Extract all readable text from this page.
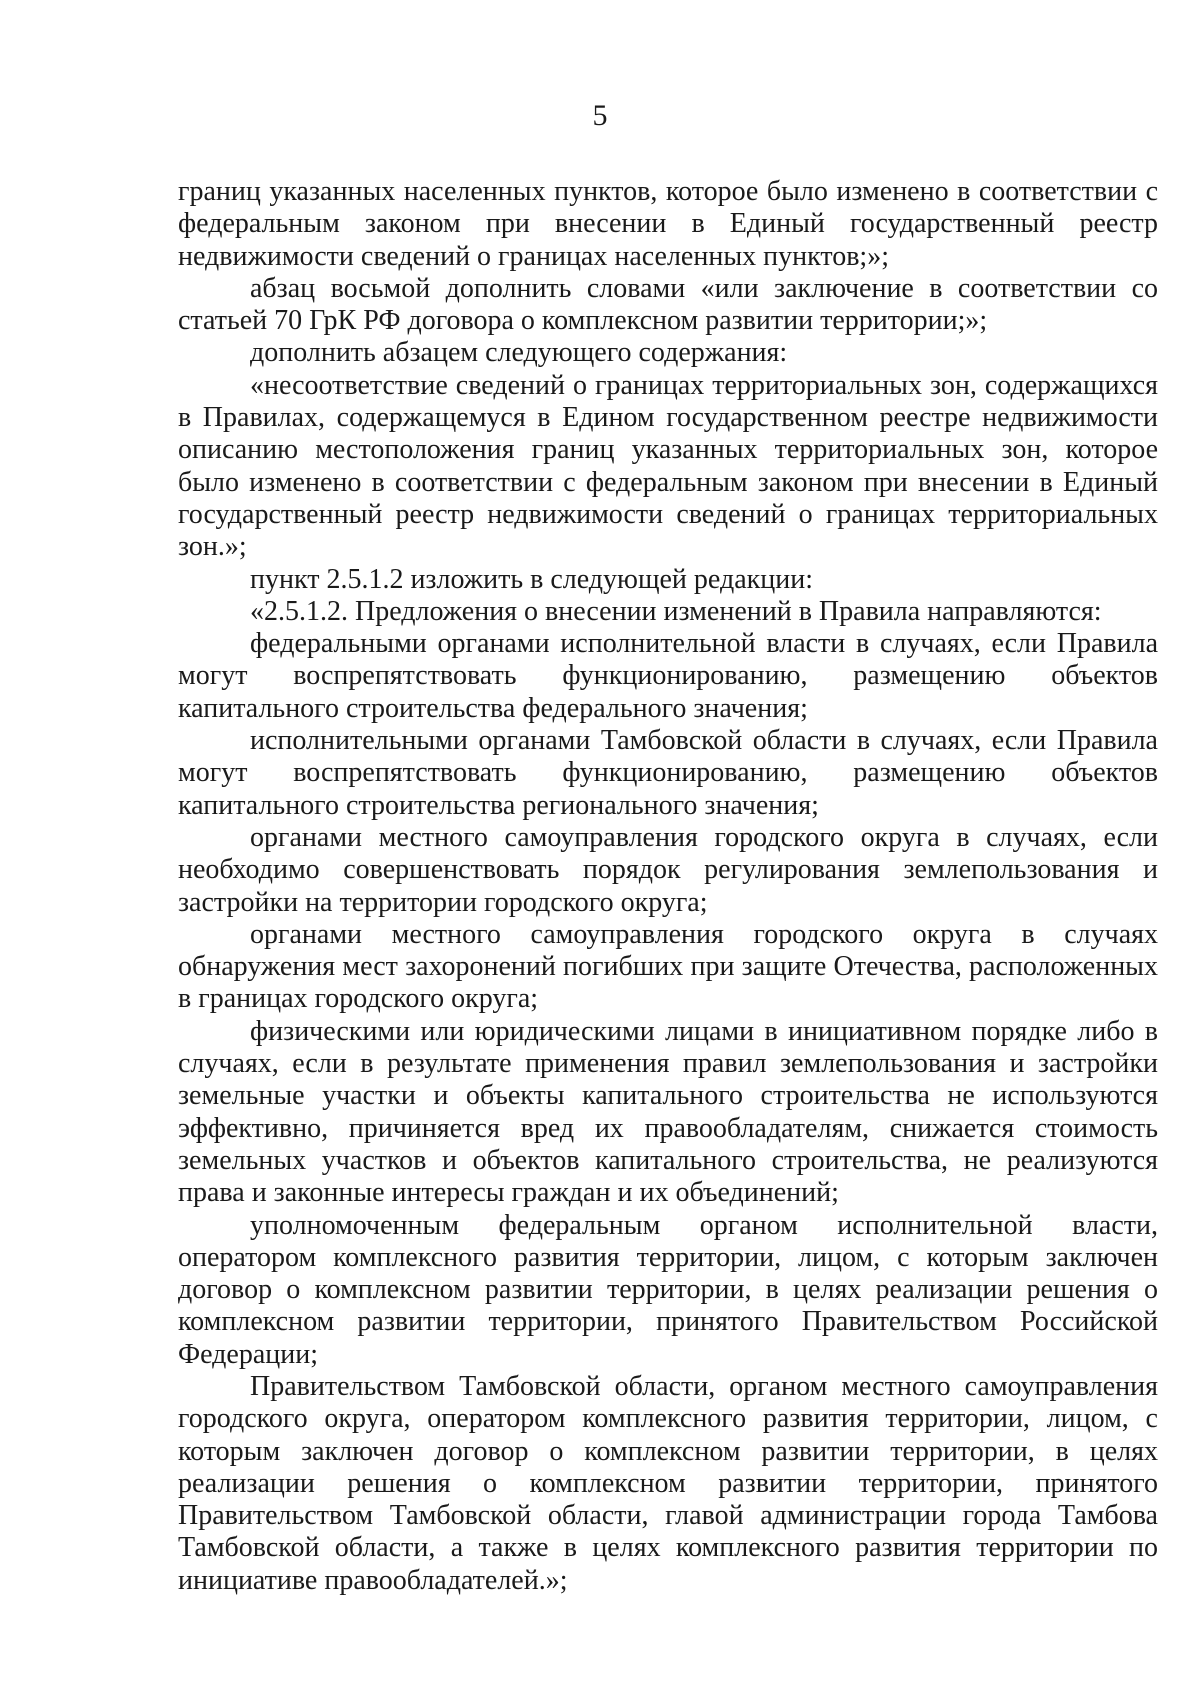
5

границ указанных населенных пунктов, которое было изменено в соответствии с федеральным законом при внесении в Единый государственный реестр недвижимости сведений о границах населенных пунктов;»;

абзац восьмой дополнить словами «или заключение в соответствии со статьей 70 ГрК РФ договора о комплексном развитии территории;»;

дополнить абзацем следующего содержания:

«несоответствие сведений о границах территориальных зон, содержащихся в Правилах, содержащемуся в Едином государственном реестре недвижимости описанию местоположения границ указанных территориальных зон, которое было изменено в соответствии с федеральным законом при внесении в Единый государственный реестр недвижимости сведений о границах территориальных зон.»;

пункт 2.5.1.2 изложить в следующей редакции:

«2.5.1.2. Предложения о внесении изменений в Правила направляются:

федеральными органами исполнительной власти в случаях, если Правила могут воспрепятствовать функционированию, размещению объектов капитального строительства федерального значения;

исполнительными органами Тамбовской области в случаях, если Правила могут воспрепятствовать функционированию, размещению объектов капитального строительства регионального значения;

органами местного самоуправления городского округа в случаях, если необходимо совершенствовать порядок регулирования землепользования и застройки на территории городского округа;

органами местного самоуправления городского округа в случаях обнаружения мест захоронений погибших при защите Отечества, расположенных в границах городского округа;

физическими или юридическими лицами в инициативном порядке либо в случаях, если в результате применения правил землепользования и застройки земельные участки и объекты капитального строительства не используются эффективно, причиняется вред их правообладателям, снижается стоимость земельных участков и объектов капитального строительства, не реализуются права и законные интересы граждан и их объединений;

уполномоченным федеральным органом исполнительной власти, оператором комплексного развития территории, лицом, с которым заключен договор о комплексном развитии территории, в целях реализации решения о комплексном развитии территории, принятого Правительством Российской Федерации;

Правительством Тамбовской области, органом местного самоуправления городского округа, оператором комплексного развития территории, лицом, с которым заключен договор о комплексном развитии территории, в целях реализации решения о комплексном развитии территории, принятого Правительством Тамбовской области, главой администрации города Тамбова Тамбовской области, а также в целях комплексного развития территории по инициативе правообладателей.»;
